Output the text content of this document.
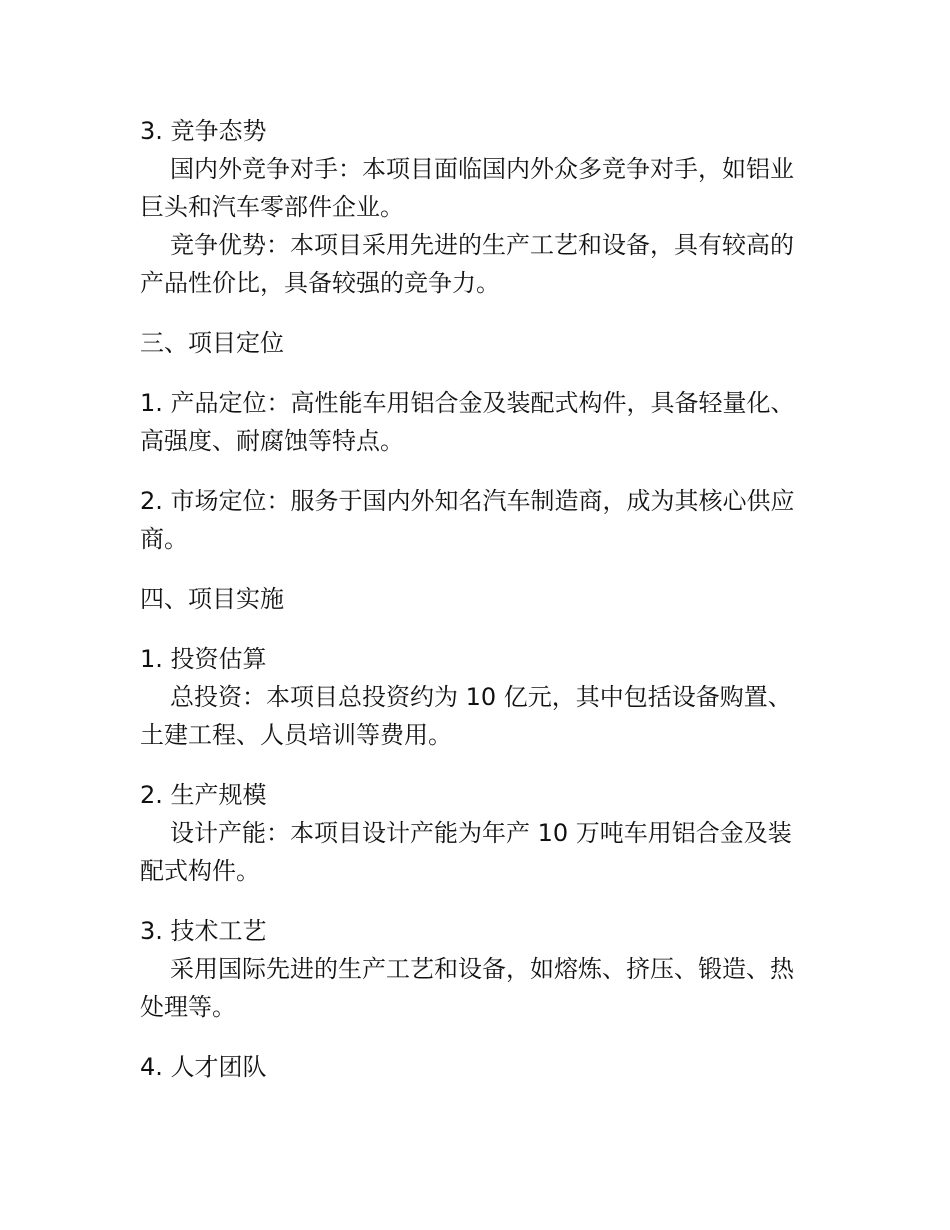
3. 竞争态势

国内外竞争对手：本项目面临国内外众多竞争对手，如铝业巨头和汽车零部件企业。

竞争优势：本项目采用先进的生产工艺和设备，具有较高的产品性价比，具备较强的竞争力。

三、项目定位

1. 产品定位：高性能车用铝合金及装配式构件，具备轻量化、高强度、耐腐蚀等特点。

2. 市场定位：服务于国内外知名汽车制造商，成为其核心供应商。

四、项目实施

1. 投资估算

总投资：本项目总投资约为 10 亿元，其中包括设备购置、土建工程、人员培训等费用。

2. 生产规模

设计产能：本项目设计产能为年产 10 万吨车用铝合金及装配式构件。

3. 技术工艺

采用国际先进的生产工艺和设备，如熔炼、挤压、锻造、热处理等。

4. 人才团队
